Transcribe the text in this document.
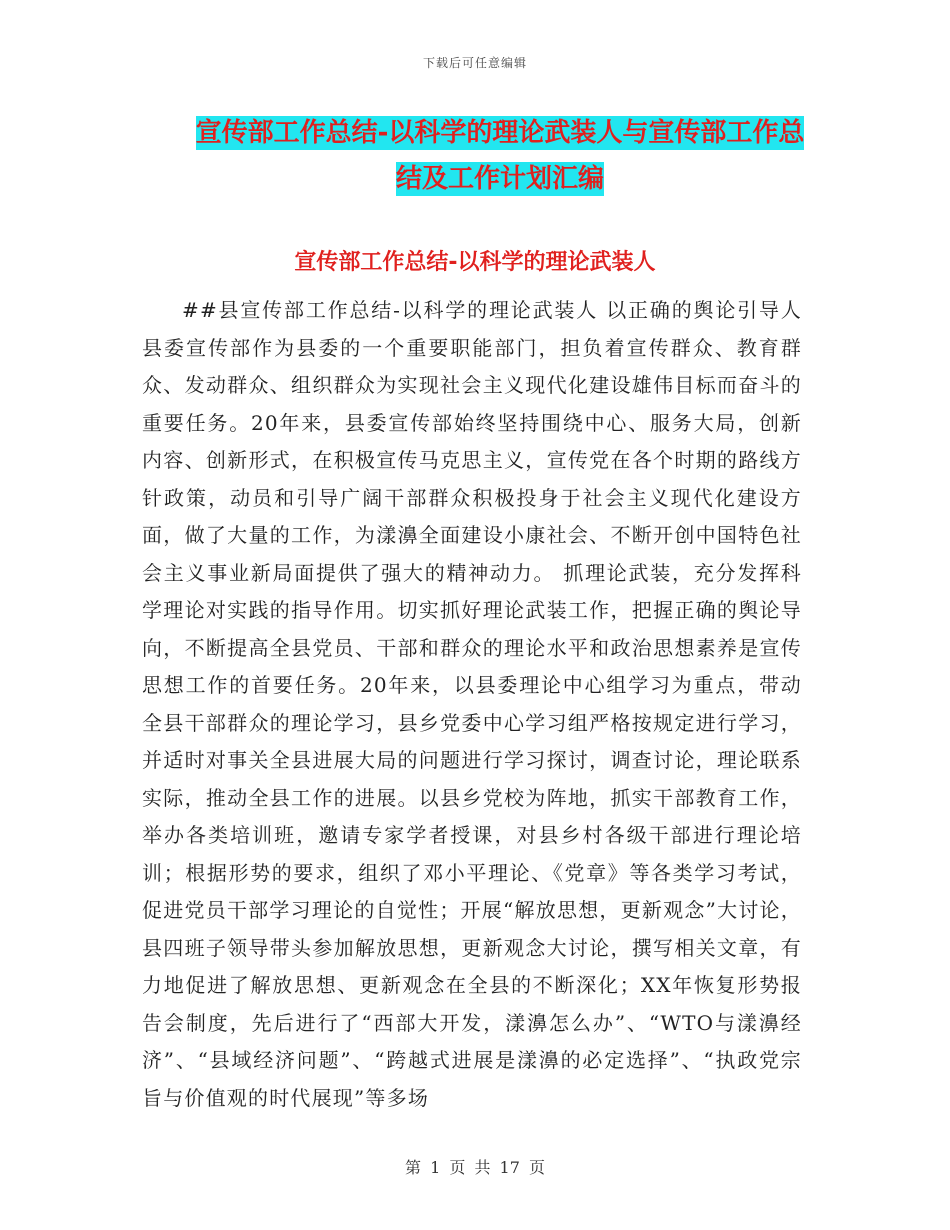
下载后可任意编辑
宣传部工作总结-以科学的理论武装人与宣传部工作总
结及工作计划汇编
宣传部工作总结-以科学的理论武装人
##县宣传部工作总结-以科学的理论武装人 以正确的舆论引导人 县委宣传部作为县委的一个重要职能部门，担负着宣传群众、教育群众、发动群众、组织群众为实现社会主义现代化建设雄伟目标而奋斗的重要任务。20年来，县委宣传部始终坚持围绕中心、服务大局，创新内容、创新形式，在积极宣传马克思主义，宣传党在各个时期的路线方针政策，动员和引导广阔干部群众积极投身于社会主义现代化建设方面，做了大量的工作，为漾濞全面建设小康社会、不断开创中国特色社会主义事业新局面提供了强大的精神动力。 抓理论武装，充分发挥科学理论对实践的指导作用。切实抓好理论武装工作，把握正确的舆论导向，不断提高全县党员、干部和群众的理论水平和政治思想素养是宣传思想工作的首要任务。20年来，以县委理论中心组学习为重点，带动全县干部群众的理论学习，县乡党委中心学习组严格按规定进行学习，并适时对事关全县进展大局的问题进行学习探讨，调查讨论，理论联系实际，推动全县工作的进展。以县乡党校为阵地，抓实干部教育工作，举办各类培训班，邀请专家学者授课，对县乡村各级干部进行理论培训；根据形势的要求，组织了邓小平理论、《党章》等各类学习考试，促进党员干部学习理论的自觉性；开展“解放思想，更新观念”大讨论，县四班子领导带头参加解放思想，更新观念大讨论，撰写相关文章，有力地促进了解放思想、更新观念在全县的不断深化；XX年恢复形势报告会制度，先后进行了“西部大开发，漾濞怎么办”、“WTO与漾濞经济”、“县域经济问题”、“跨越式进展是漾濞的必定选择”、“执政党宗旨与价值观的时代展现”等多场
第 1 页 共 17 页
